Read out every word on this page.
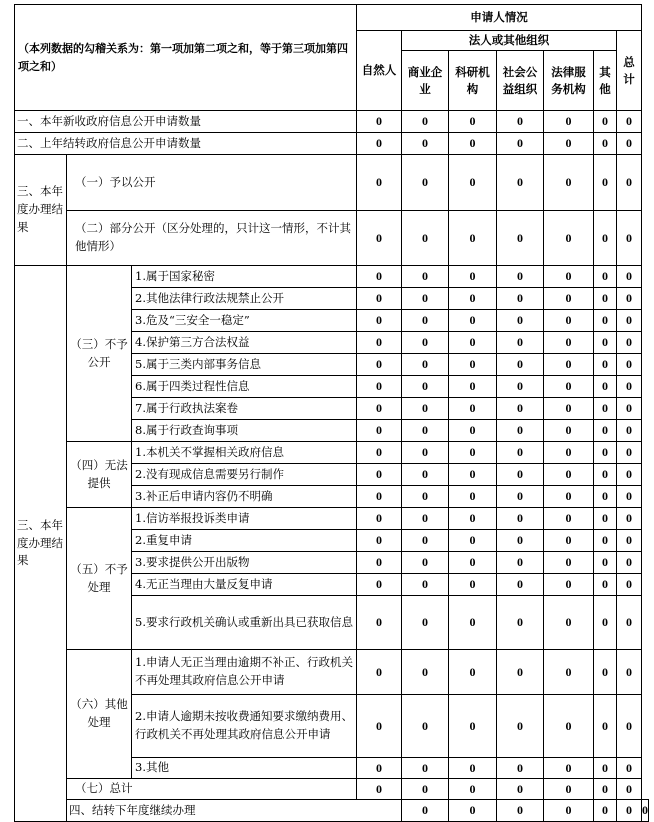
（本列数据的勾稽关系为：第一项加第二项之和，等于第三项加第四项之和）			申请人情况							
			自然人	法人或其他组织					总计	
				商业企业	科研机构	社会公益组织	法律服务机构	其他		
一、本年新收政府信息公开申请数量			0	0	0	0	0	0	0	
二、上年结转政府信息公开申请数量			0	0	0	0	0	0	0	
三、本年度办理结果	（一）予以公开		0	0	0	0	0	0	0	
	（二）部分公开（区分处理的，只计这一情形，不计其他情形）		0	0	0	0	0	0	0	
三、本年度办理结果	（三）不予公开	1.属于国家秘密	0	0	0	0	0	0	0	
		2.其他法律行政法规禁止公开	0	0	0	0	0	0	0	
		3.危及“三安全一稳定”	0	0	0	0	0	0	0	
		4.保护第三方合法权益	0	0	0	0	0	0	0	
		5.属于三类内部事务信息	0	0	0	0	0	0	0	
		6.属于四类过程性信息	0	0	0	0	0	0	0	
		7.属于行政执法案卷	0	0	0	0	0	0	0	
		8.属于行政查询事项	0	0	0	0	0	0	0	
	（四）无法提供	1.本机关不掌握相关政府信息	0	0	0	0	0	0	0	
		2.没有现成信息需要另行制作	0	0	0	0	0	0	0	
		3.补正后申请内容仍不明确	0	0	0	0	0	0	0	
	（五）不予处理	1.信访举报投诉类申请	0	0	0	0	0	0	0	
		2.重复申请	0	0	0	0	0	0	0	
		3.要求提供公开出版物	0	0	0	0	0	0	0	
		4.无正当理由大量反复申请	0	0	0	0	0	0	0	
		5.要求行政机关确认或重新出具已获取信息	0	0	0	0	0	0	0	
	（六）其他处理	1.申请人无正当理由逾期不补正、行政机关不再处理其政府信息公开申请	0	0	0	0	0	0	0	
		2.申请人逾期未按收费通知要求缴纳费用、行政机关不再处理其政府信息公开申请	0	0	0	0	0	0	0	
		3.其他	0	0	0	0	0	0	0	
	（七）总计		0	0	0	0	0	0	0	
	四、结转下年度继续办理			0	0	0	0	0	0	0
